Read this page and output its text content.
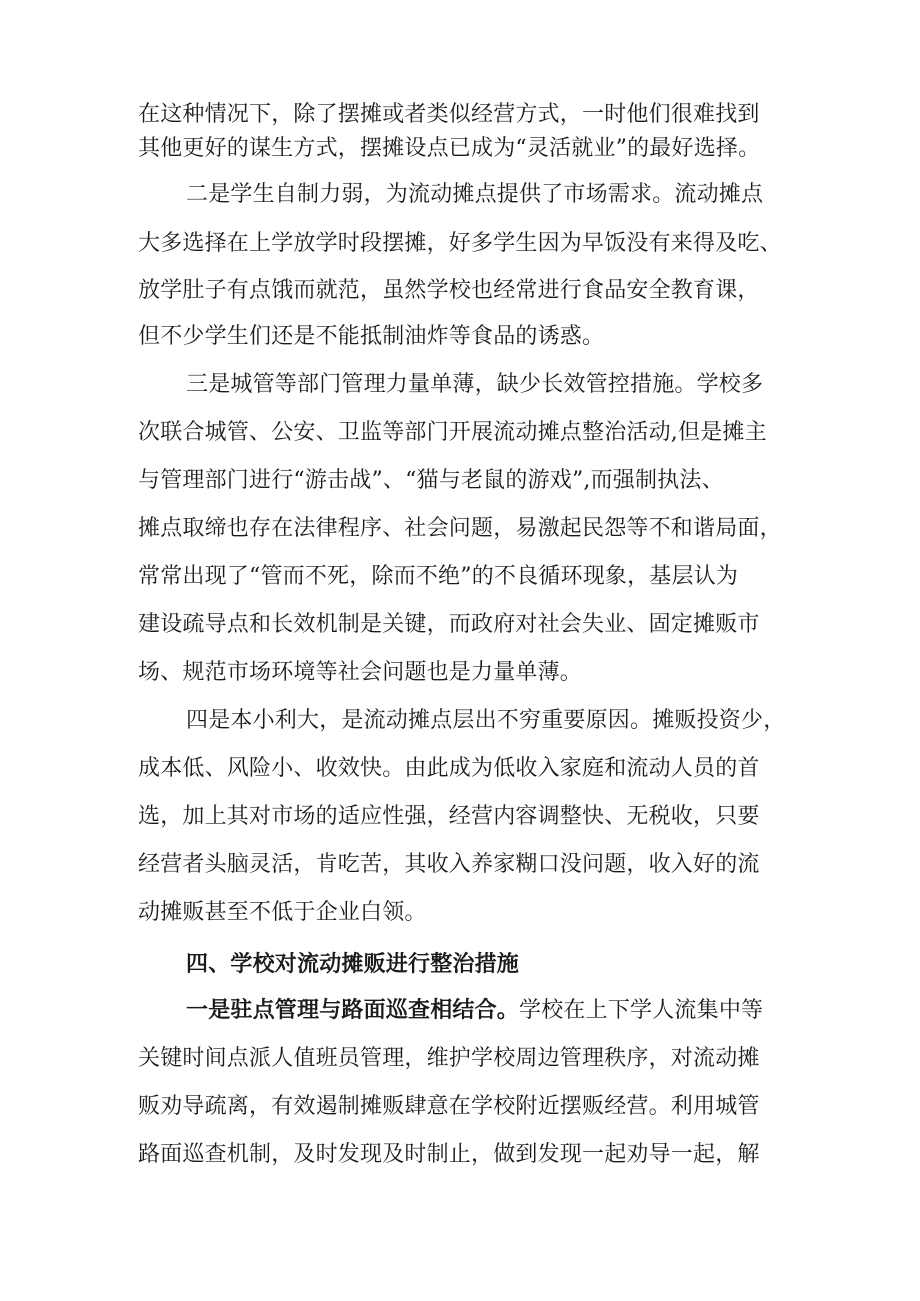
在这种情况下，除了摆摊或者类似经营方式，一时他们很难找到
其他更好的谋生方式，摆摊设点已成为“灵活就业”的最好选择。
二是学生自制力弱，为流动摊点提供了市场需求。流动摊点
大多选择在上学放学时段摆摊，好多学生因为早饭没有来得及吃、
放学肚子有点饿而就范，虽然学校也经常进行食品安全教育课，
但不少学生们还是不能抵制油炸等食品的诱惑。
三是城管等部门管理力量单薄，缺少长效管控措施。学校多
次联合城管、公安、卫监等部门开展流动摊点整治活动,但是摊主
与管理部门进行“游击战”、“猫与老鼠的游戏”,而强制执法、
摊点取缔也存在法律程序、社会问题，易激起民怨等不和谐局面，
常常出现了“管而不死，除而不绝”的不良循环现象，基层认为
建设疏导点和长效机制是关键，而政府对社会失业、固定摊贩市
场、规范市场环境等社会问题也是力量单薄。
四是本小利大，是流动摊点层出不穷重要原因。摊贩投资少，
成本低、风险小、收效快。由此成为低收入家庭和流动人员的首
选，加上其对市场的适应性强，经营内容调整快、无税收，只要
经营者头脑灵活，肯吃苦，其收入养家糊口没问题，收入好的流
动摊贩甚至不低于企业白领。
四、学校对流动摊贩进行整治措施
一是驻点管理与路面巡查相结合。学校在上下学人流集中等
关键时间点派人值班员管理，维护学校周边管理秩序，对流动摊
贩劝导疏离，有效遏制摊贩肆意在学校附近摆贩经营。利用城管
路面巡查机制，及时发现及时制止，做到发现一起劝导一起，解
